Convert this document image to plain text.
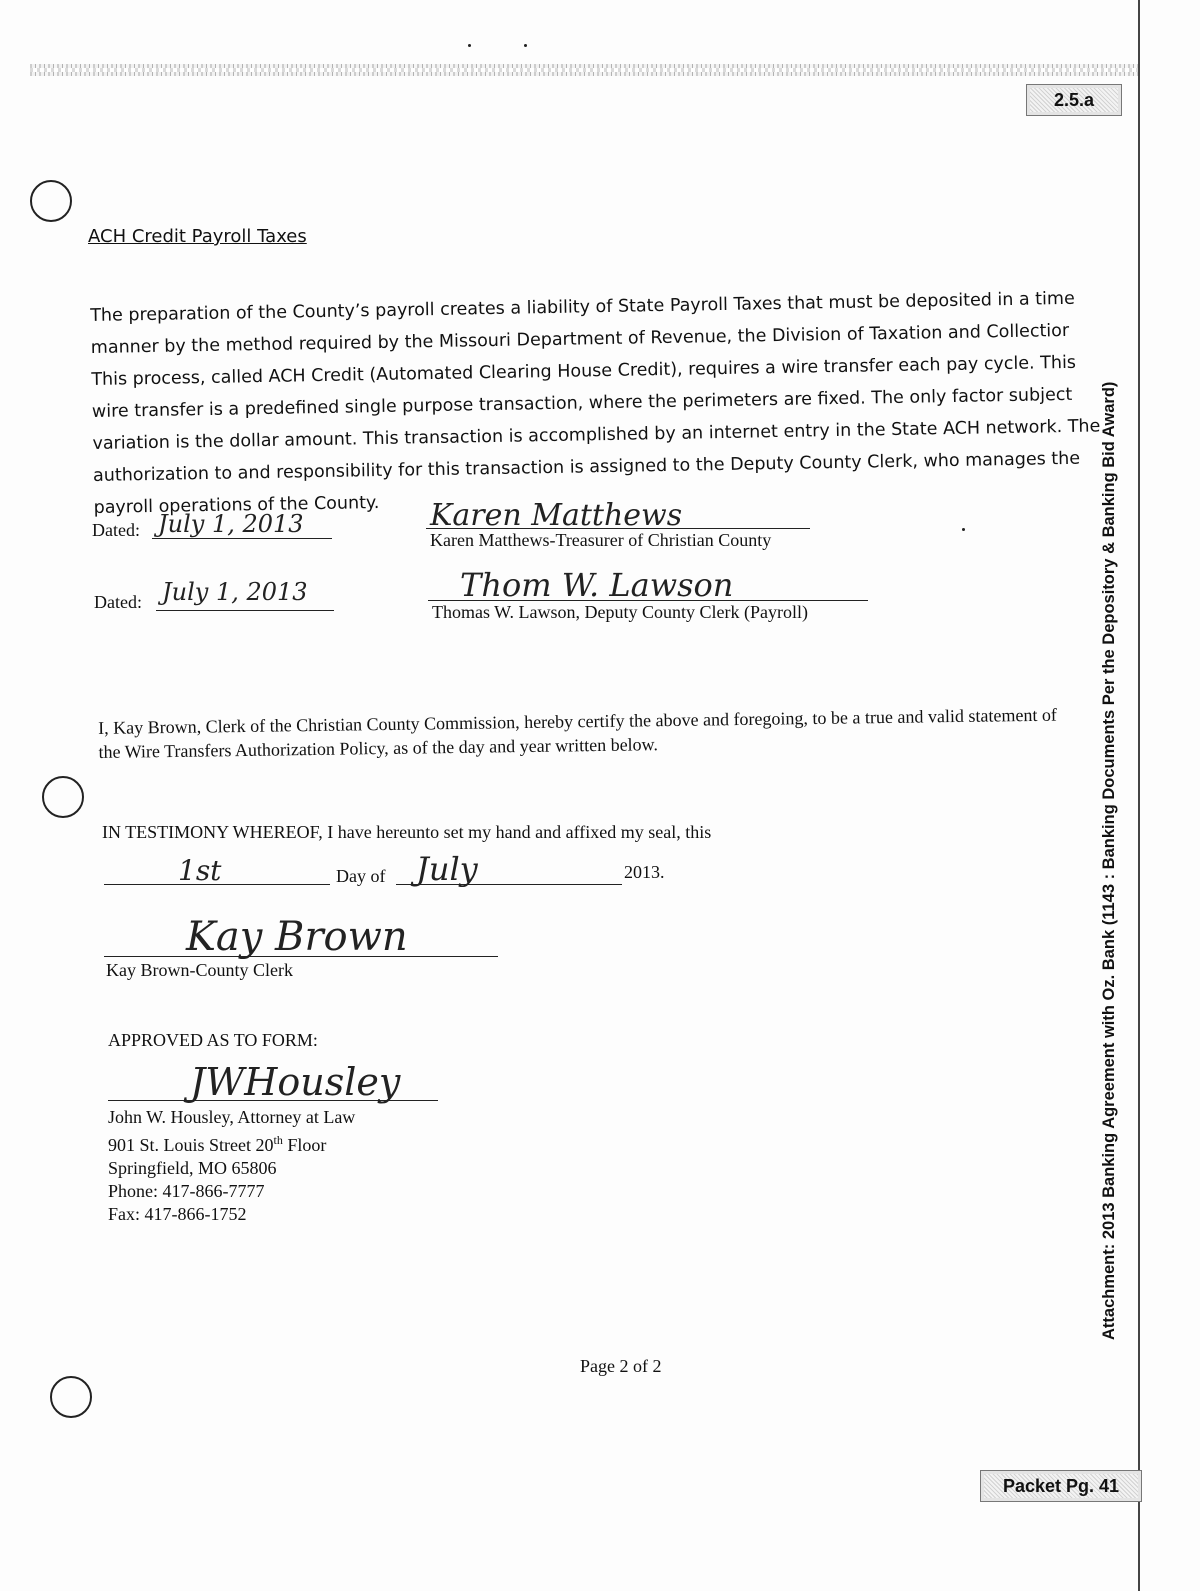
2.5.a
ACH Credit Payroll Taxes

The preparation of the County’s payroll creates a liability of State Payroll Taxes that must be deposited in a time manner by the method required by the Missouri Department of Revenue, the Division of Taxation and Collectior This process, called ACH Credit (Automated Clearing House Credit), requires a wire transfer each pay cycle. This wire transfer is a predefined single purpose transaction, where the perimeters are fixed. The only factor subject variation is the dollar amount. This transaction is accomplished by an internet entry in the State ACH network. The authorization to and responsibility for this transaction is assigned to the Deputy County Clerk, who manages the payroll operations of the County.

Dated: July 1, 2013	Karen Matthews
Karen Matthews-Treasurer of Christian County
Dated: July 1, 2013	Thom W. Lawson
Thomas W. Lawson, Deputy County Clerk (Payroll)

I, Kay Brown, Clerk of the Christian County Commission, hereby certify the above and foregoing, to be a true and valid statement of the Wire Transfers Authorization Policy, as of the day and year written below.

IN TESTIMONY WHEREOF, I have hereunto set my hand and affixed my seal, this
1st	Day of July	2013.
Kay Brown
Kay Brown-County Clerk
APPROVED AS TO FORM:
JWHousley

John W. Housley, Attorney at Law

901 St. Louis Street 20th Floor

Springfield, MO 65806

Phone: 417-866-7777

Fax: 417-866-1752

Page 2 of 2
Packet Pg. 41
Attachment: 2013 Banking Agreement with Oz. Bank (1143 : Banking Documents Per the Depository & Banking Bid Award)
